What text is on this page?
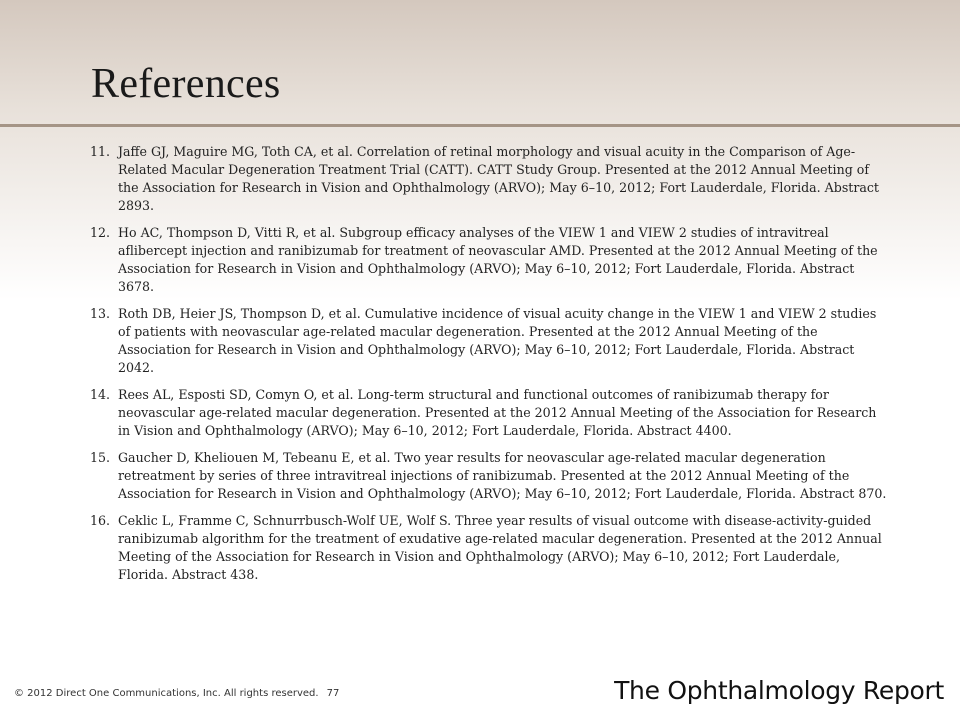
References
11. Jaffe GJ, Maguire MG, Toth CA, et al. Correlation of retinal morphology and visual acuity in the Comparison of Age-Related Macular Degeneration Treatment Trial (CATT). CATT Study Group. Presented at the 2012 Annual Meeting of the Association for Research in Vision and Ophthalmology (ARVO); May 6–10, 2012; Fort Lauderdale, Florida. Abstract 2893.
12. Ho AC, Thompson D, Vitti R, et al. Subgroup efficacy analyses of the VIEW 1 and VIEW 2 studies of intravitreal aflibercept injection and ranibizumab for treatment of neovascular AMD. Presented at the 2012 Annual Meeting of the Association for Research in Vision and Ophthalmology (ARVO); May 6–10, 2012; Fort Lauderdale, Florida. Abstract 3678.
13. Roth DB, Heier JS, Thompson D, et al. Cumulative incidence of visual acuity change in the VIEW 1 and VIEW 2 studies of patients with neovascular age-related macular degeneration. Presented at the 2012 Annual Meeting of the Association for Research in Vision and Ophthalmology (ARVO); May 6–10, 2012; Fort Lauderdale, Florida. Abstract 2042.
14. Rees AL, Esposti SD, Comyn O, et al. Long-term structural and functional outcomes of ranibizumab therapy for neovascular age-related macular degeneration. Presented at the 2012 Annual Meeting of the Association for Research in Vision and Ophthalmology (ARVO); May 6–10, 2012; Fort Lauderdale, Florida. Abstract 4400.
15. Gaucher D, Kheliouen M, Tebeanu E, et al. Two year results for neovascular age-related macular degeneration retreatment by series of three intravitreal injections of ranibizumab. Presented at the 2012 Annual Meeting of the Association for Research in Vision and Ophthalmology (ARVO); May 6–10, 2012; Fort Lauderdale, Florida. Abstract 870.
16. Ceklic L, Framme C, Schnurrbusch-Wolf UE, Wolf S. Three year results of visual outcome with disease-activity-guided ranibizumab algorithm for the treatment of exudative age-related macular degeneration. Presented at the 2012 Annual Meeting of the Association for Research in Vision and Ophthalmology (ARVO); May 6–10, 2012; Fort Lauderdale, Florida. Abstract 438.
© 2012 Direct One Communications, Inc. All rights reserved. 77	The Ophthalmology Report
